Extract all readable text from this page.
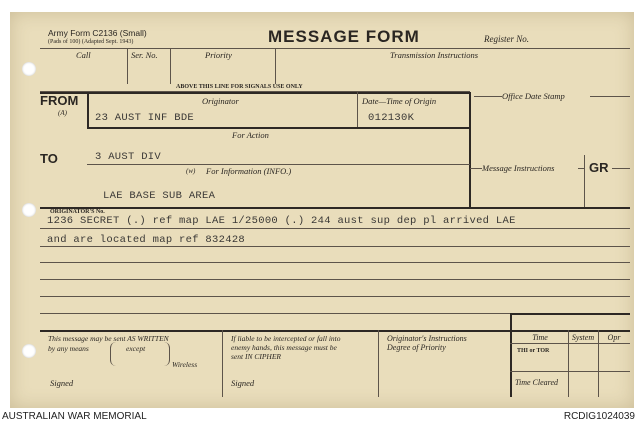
Army Form C2136 (Small)
(Pads of 100) (Adapted Sept. 1943)	MESSAGE FORM	Register No.
Call	Ser. No.	Priority	Transmission Instructions
ABOVE THIS LINE FOR SIGNALS USE ONLY
FROM
(A)
Originator	Date—Time of Origin
23 AUST INF BDE	012130K
Office Date Stamp
For Action
TO	3 AUST DIV
(w) For Information (INFO.)
LAE BASE SUB AREA
Message Instructions	GR
ORIGINATOR'S No.
1236 SECRET (.) ref map LAE 1/25000 (.) 244 aust sup dep pl arrived LAE
and are located map ref 832428
This message may be sent AS WRITTEN
by any means	except
Wireless
Signed
If liable to be intercepted or fall into
enemy hands, this message must be
sent IN CIPHER
Signed
Originator's Instructions
Degree of Priority
Time	System	Opr
THI or TOR
Time Cleared
AUSTRALIAN WAR MEMORIAL	RCDIG1024039
